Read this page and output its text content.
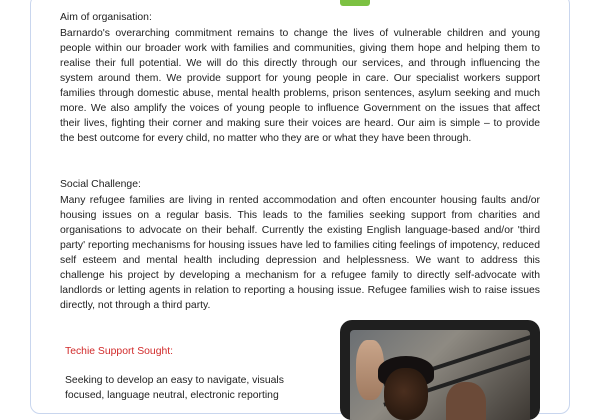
Aim of organisation:

Barnardo's overarching commitment remains to change the lives of vulnerable children and young people within our broader work with families and communities, giving them hope and helping them to realise their full potential. We will do this directly through our services, and through influencing the system around them. We provide support for young people in care. Our specialist workers support families through domestic abuse, mental health problems, prison sentences, asylum seeking and much more. We also amplify the voices of young people to influence Government on the issues that affect their lives, fighting their corner and making sure their voices are heard. Our aim is simple – to provide the best outcome for every child, no matter who they are or what they have been through.

Social Challenge:

Many refugee families are living in rented accommodation and often encounter housing faults and/or housing issues on a regular basis. This leads to the families seeking support from charities and organisations to advocate on their behalf. Currently the existing English language-based and/or 'third party' reporting mechanisms for housing issues have led to families citing feelings of impotency, reduced self esteem and mental health including depression and helplessness. We want to address this challenge his project by developing a mechanism for a refugee family to directly self-advocate with landlords or letting agents in relation to reporting a housing issue. Refugee families wish to raise issues directly, not through a third party.

Techie Support Sought:

Seeking to develop an easy to navigate, visuals focused, language neutral, electronic reporting
